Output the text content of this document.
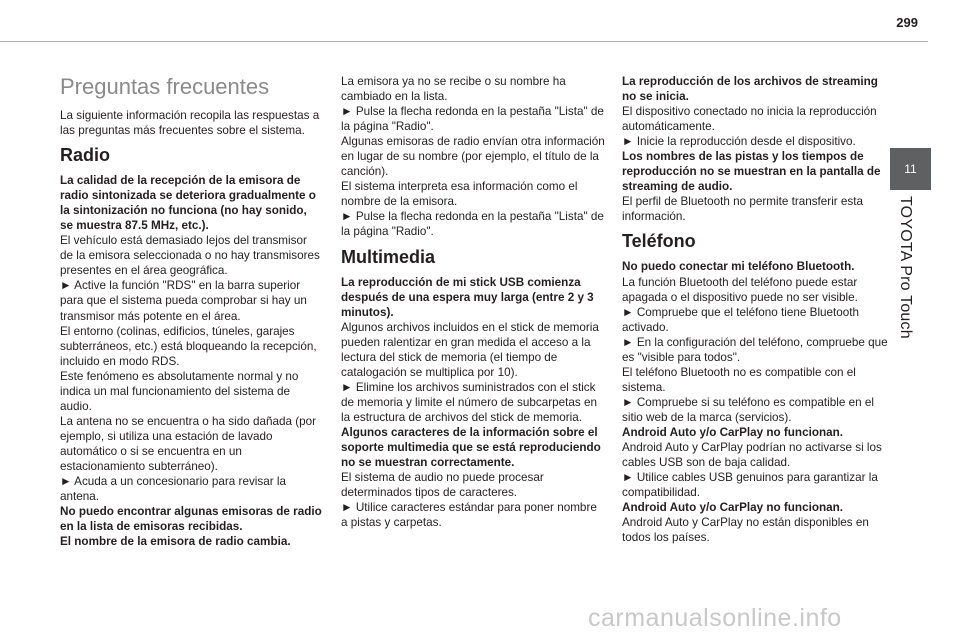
299
11
TOYOTA Pro Touch
Preguntas frecuentes

La siguiente información recopila las respuestas a las preguntas más frecuentes sobre el sistema.

Radio

La calidad de la recepción de la emisora de radio sintonizada se deteriora gradualmente o la sintonización no funciona (no hay sonido, se muestra 87.5 MHz, etc.).

El vehículo está demasiado lejos del transmisor de la emisora seleccionada o no hay transmisores presentes en el área geográfica.

► Active la función "RDS" en la barra superior para que el sistema pueda comprobar si hay un transmisor más potente en el área.

El entorno (colinas, edificios, túneles, garajes subterráneos, etc.) está bloqueando la recepción, incluido en modo RDS.

Este fenómeno es absolutamente normal y no indica un mal funcionamiento del sistema de audio.

La antena no se encuentra o ha sido dañada (por ejemplo, si utiliza una estación de lavado automático o si se encuentra en un estacionamiento subterráneo).

► Acuda a un concesionario para revisar la antena.

No puedo encontrar algunas emisoras de radio en la lista de emisoras recibidas.

El nombre de la emisora de radio cambia.

La emisora ya no se recibe o su nombre ha cambiado en la lista.

► Pulse la flecha redonda en la pestaña "Lista" de la página "Radio".

Algunas emisoras de radio envían otra información en lugar de su nombre (por ejemplo, el título de la canción).

El sistema interpreta esa información como el nombre de la emisora.

► Pulse la flecha redonda en la pestaña "Lista" de la página "Radio".

Multimedia

La reproducción de mi stick USB comienza después de una espera muy larga (entre 2 y 3 minutos).

Algunos archivos incluidos en el stick de memoria pueden ralentizar en gran medida el acceso a la lectura del stick de memoria (el tiempo de catalogación se multiplica por 10).

► Elimine los archivos suministrados con el stick de memoria y limite el número de subcarpetas en la estructura de archivos del stick de memoria.

Algunos caracteres de la información sobre el soporte multimedia que se está reproduciendo no se muestran correctamente.

El sistema de audio no puede procesar determinados tipos de caracteres.

► Utilice caracteres estándar para poner nombre a pistas y carpetas.

La reproducción de los archivos de streaming no se inicia.

El dispositivo conectado no inicia la reproducción automáticamente.

► Inicie la reproducción desde el dispositivo.

Los nombres de las pistas y los tiempos de reproducción no se muestran en la pantalla de streaming de audio.

El perfil de Bluetooth no permite transferir esta información.

Teléfono

No puedo conectar mi teléfono Bluetooth.

La función Bluetooth del teléfono puede estar apagada o el dispositivo puede no ser visible.

► Compruebe que el teléfono tiene Bluetooth activado.

► En la configuración del teléfono, compruebe que es "visible para todos".

El teléfono Bluetooth no es compatible con el sistema.

► Compruebe si su teléfono es compatible en el sitio web de la marca (servicios).

Android Auto y/o CarPlay no funcionan.

Android Auto y CarPlay podrían no activarse si los cables USB son de baja calidad.

► Utilice cables USB genuinos para garantizar la compatibilidad.

Android Auto y/o CarPlay no funcionan.

Android Auto y CarPlay no están disponibles en todos los países.

carmanualsonline.info
